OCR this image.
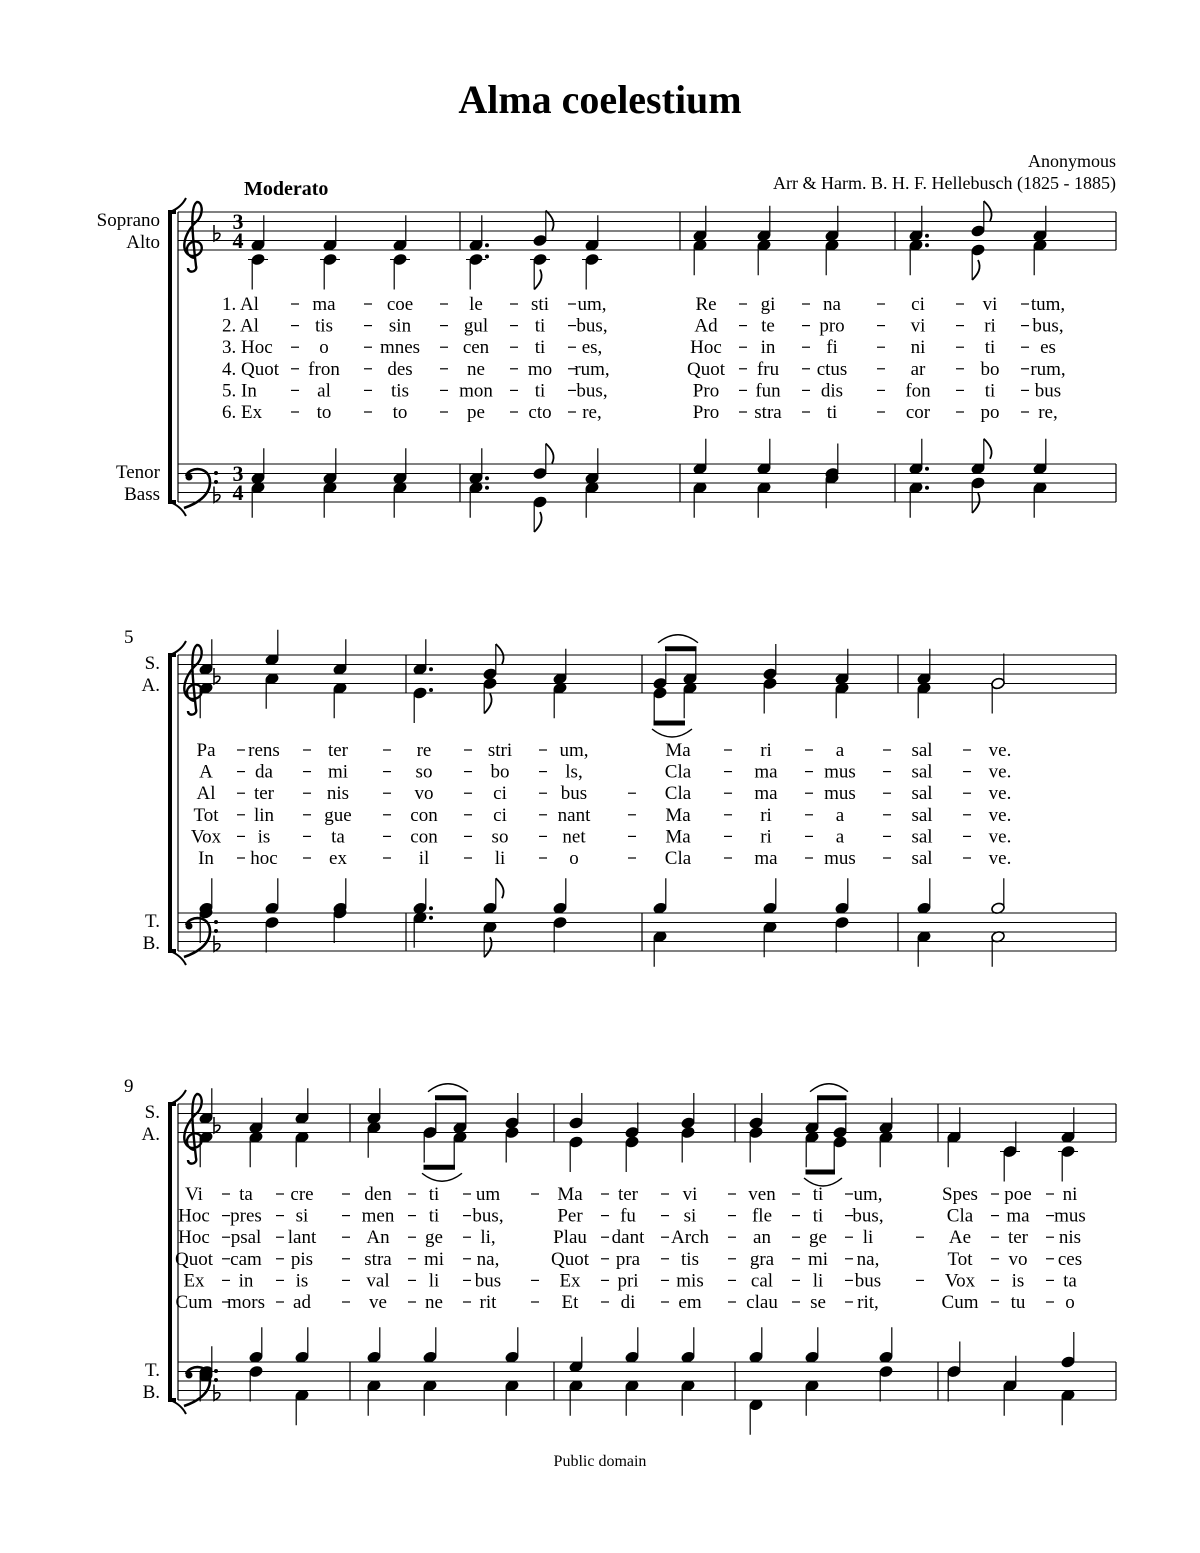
Alma coelestium
Anonymous
Arr & Harm. B. H. F. Hellebusch (1825 - 1885)
Moderato
3
4
3
4
Soprano
Alto
Tenor
Bass
1. Al	ma	coe	le	sti um,	Re gi	na	ci	vi tum,
2. Al	tis	sin	gul ti bus,	Ad te pro	vi	ri bus,
3. Hoc o	mnes cen ti es,	Hoc in	fi	ni	ti es
4. Quot fron	des	ne mo rum,	Quot fru ctus	ar	bo rum,
5. In	al	tis	mon ti bus,	Pro fun dis	fon	ti bus
6. Ex	to	to	pe cto re,	Pro stra ti	cor	po re,
S.
A.
T.
B.
5
Pa rens	ter	re	stri um,	Ma	ri	a	sal	ve.
A da	mi	so	bo	ls,	Cla	ma mus	sal	ve.
Al ter	nis	vo	ci	bus	Cla	ma mus	sal	ve.
Tot lin	gue	con	ci	nant	Ma	ri	a	sal	ve.
Vox is	ta	con	so	net	Ma	ri	a	sal	ve.
In hoc	ex	il	li	o	Cla	ma mus	sal	ve.
S.
A.
T.
B.
9
Vi ta cre	den ti um	Ma ter vi	ven ti um,	Spes poe ni
Hoc pres si	men ti bus,	Per fu	si	fle ti bus,	Cla ma mus
Hoc psal lant	An ge li,	Plau dant Arch an ge li	Ae ter nis
Quot cam pis	stra mi na,	Quot pra tis	gra mi na,	Tot vo ces
Ex in is	val li bus	Ex pri mis cal li bus	Vox is ta
Cum mors ad	ve ne rit	Et di em clau se rit,	Cum tu o
Public domain
